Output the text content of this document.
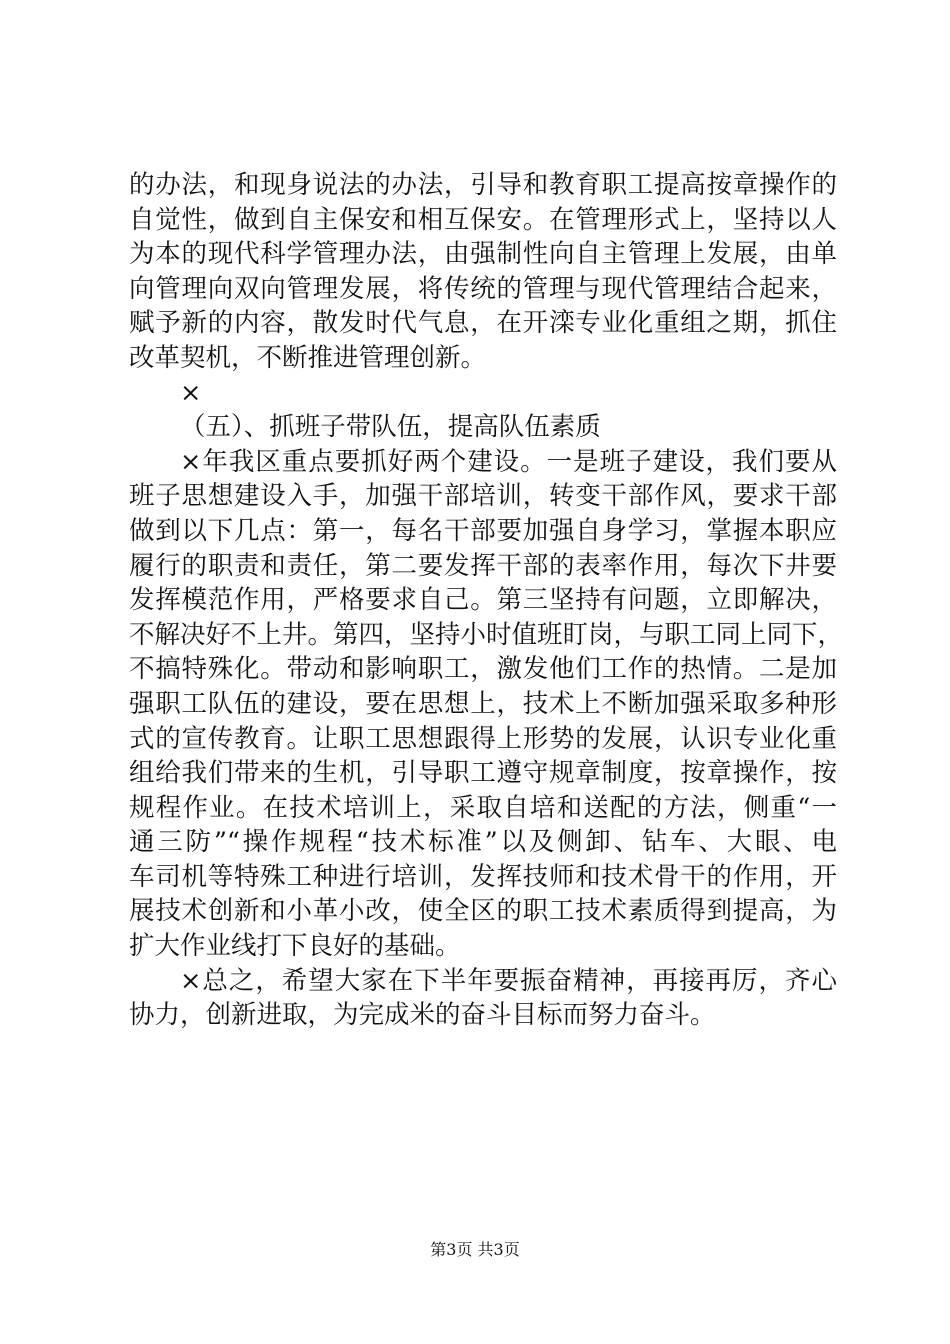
的办法，和现身说法的办法，引导和教育职工提高按章操作的
自觉性，做到自主保安和相互保安。在管理形式上，坚持以人
为本的现代科学管理办法，由强制性向自主管理上发展，由单
向管理向双向管理发展，将传统的管理与现代管理结合起来，
赋予新的内容，散发时代气息，在开滦专业化重组之期，抓住
改革契机，不断推进管理创新。
×
（五）、抓班子带队伍，提高队伍素质
×年我区重点要抓好两个建设。一是班子建设，我们要从
班子思想建设入手，加强干部培训，转变干部作风，要求干部
做到以下几点：第一，每名干部要加强自身学习，掌握本职应
履行的职责和责任，第二要发挥干部的表率作用，每次下井要
发挥模范作用，严格要求自己。第三坚持有问题，立即解决，
不解决好不上井。第四，坚持小时值班盯岗，与职工同上同下，
不搞特殊化。带动和影响职工，激发他们工作的热情。二是加
强职工队伍的建设，要在思想上，技术上不断加强采取多种形
式的宣传教育。让职工思想跟得上形势的发展，认识专业化重
组给我们带来的生机，引导职工遵守规章制度，按章操作，按
规程作业。在技术培训上，采取自培和送配的方法，侧重“一
通三防”“操作规程“技术标准”以及侧卸、钻车、大眼、电
车司机等特殊工种进行培训，发挥技师和技术骨干的作用，开
展技术创新和小革小改，使全区的职工技术素质得到提高，为
扩大作业线打下良好的基础。
×总之，希望大家在下半年要振奋精神，再接再厉，齐心
协力，创新进取，为完成米的奋斗目标而努力奋斗。
第3页 共3页
